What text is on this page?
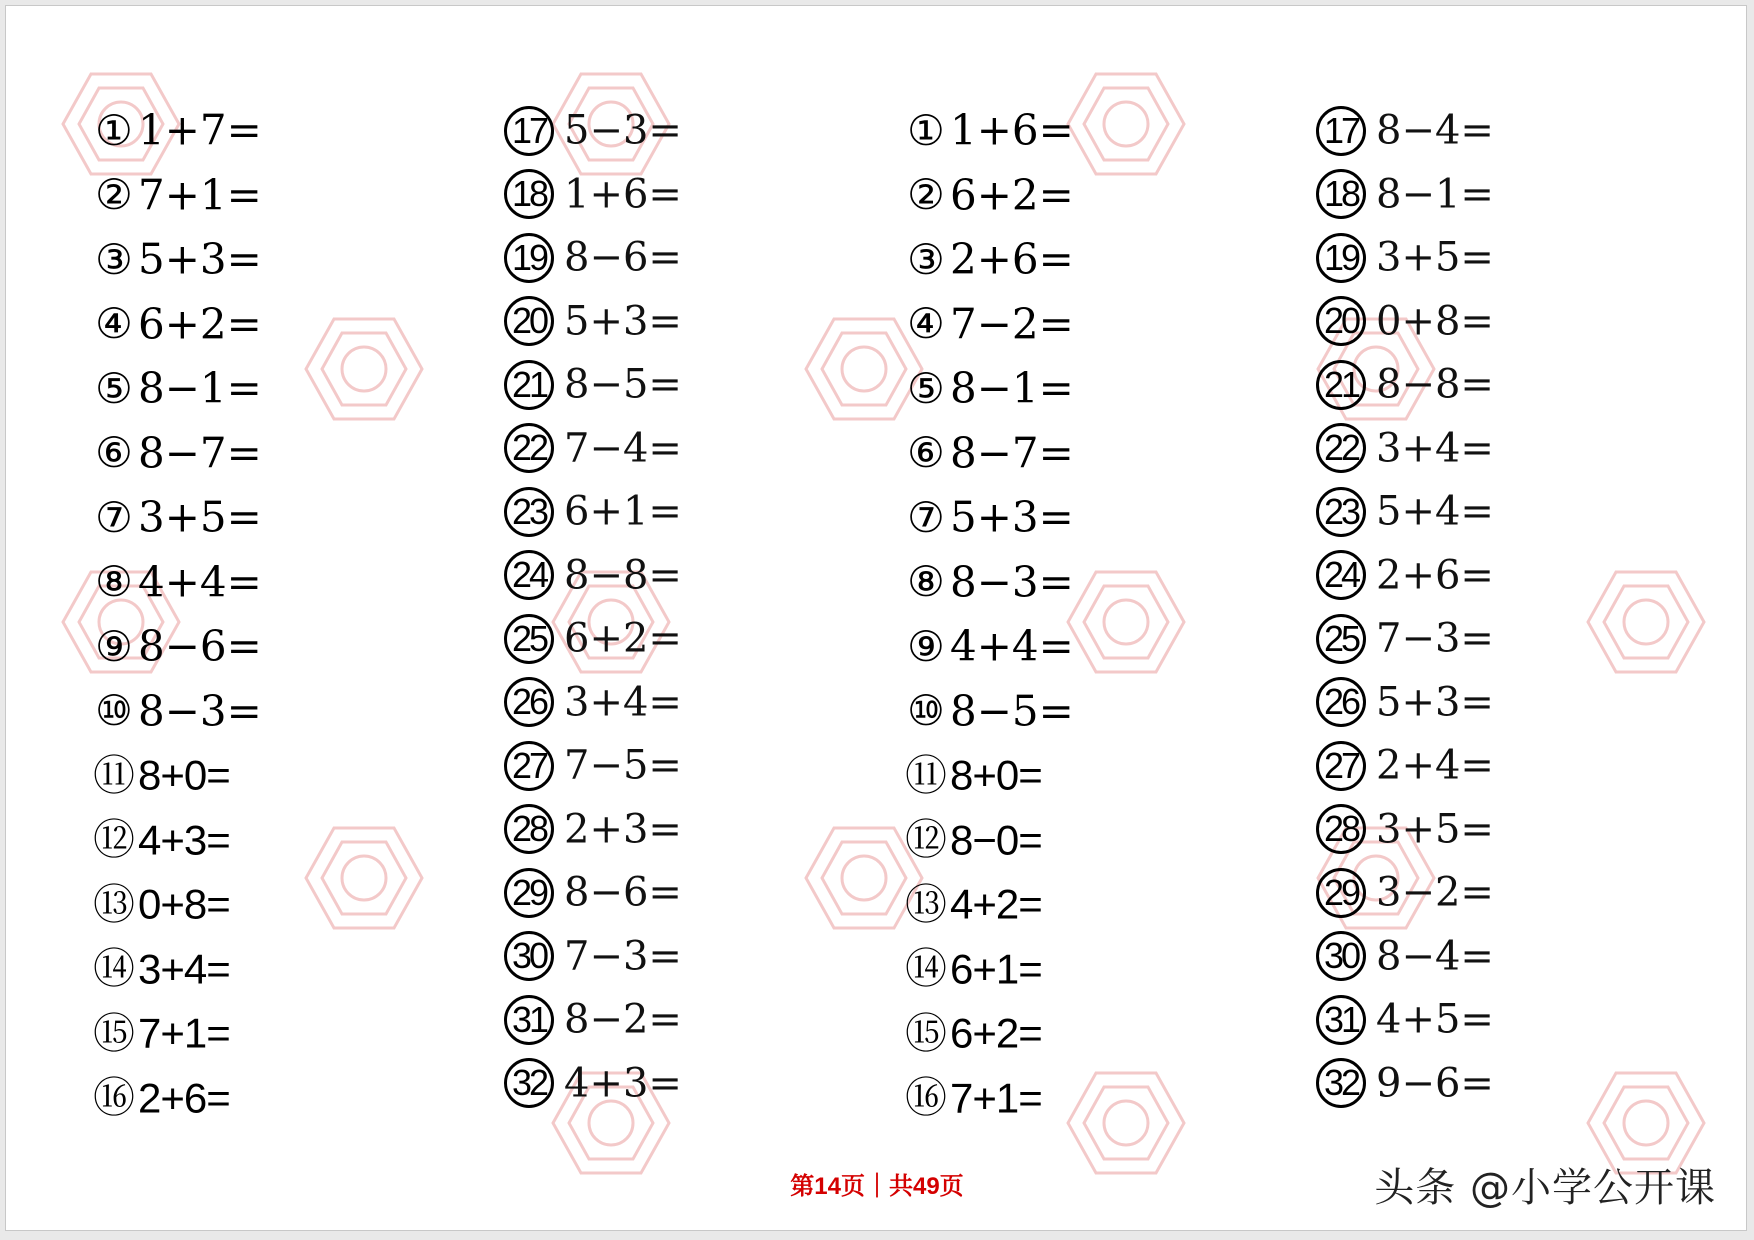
① 1+7=
② 7+1=
③ 5+3=
④ 6+2=
⑤ 8−1=
⑥ 8−7=
⑦ 3+5=
⑧ 4+4=
⑨ 8−6=
⑩ 8−3=
⑪8+0=
⑫4+3=
⑬0+8=
⑭3+4=
⑮7+1=
⑯2+6=
17 5−3=
18 1+6=
19 8−6=
20 5+3=
21 8−5=
22 7−4=
23 6+1=
24 8−8=
25 6+2=
26 3+4=
27 7−5=
28 2+3=
29 8−6=
30 7−3=
31 8−2=
32 4+3=
① 1+6=
② 6+2=
③ 2+6=
④ 7−2=
⑤ 8−1=
⑥ 8−7=
⑦ 5+3=
⑧ 8−3=
⑨ 4+4=
⑩ 8−5=
⑪8+0=
⑫8−0=
⑬4+2=
⑭6+1=
⑮6+2=
⑯7+1=
17 8−4=
18 8−1=
19 3+5=
20 0+8=
21 8−8=
22 3+4=
23 5+4=
24 2+6=
25 7−3=
26 5+3=
27 2+4=
28 3+5=
29 3−2=
30 8−4=
31 4+5=
32 9−6=
第14页｜共49页	头条 @小学公开课
